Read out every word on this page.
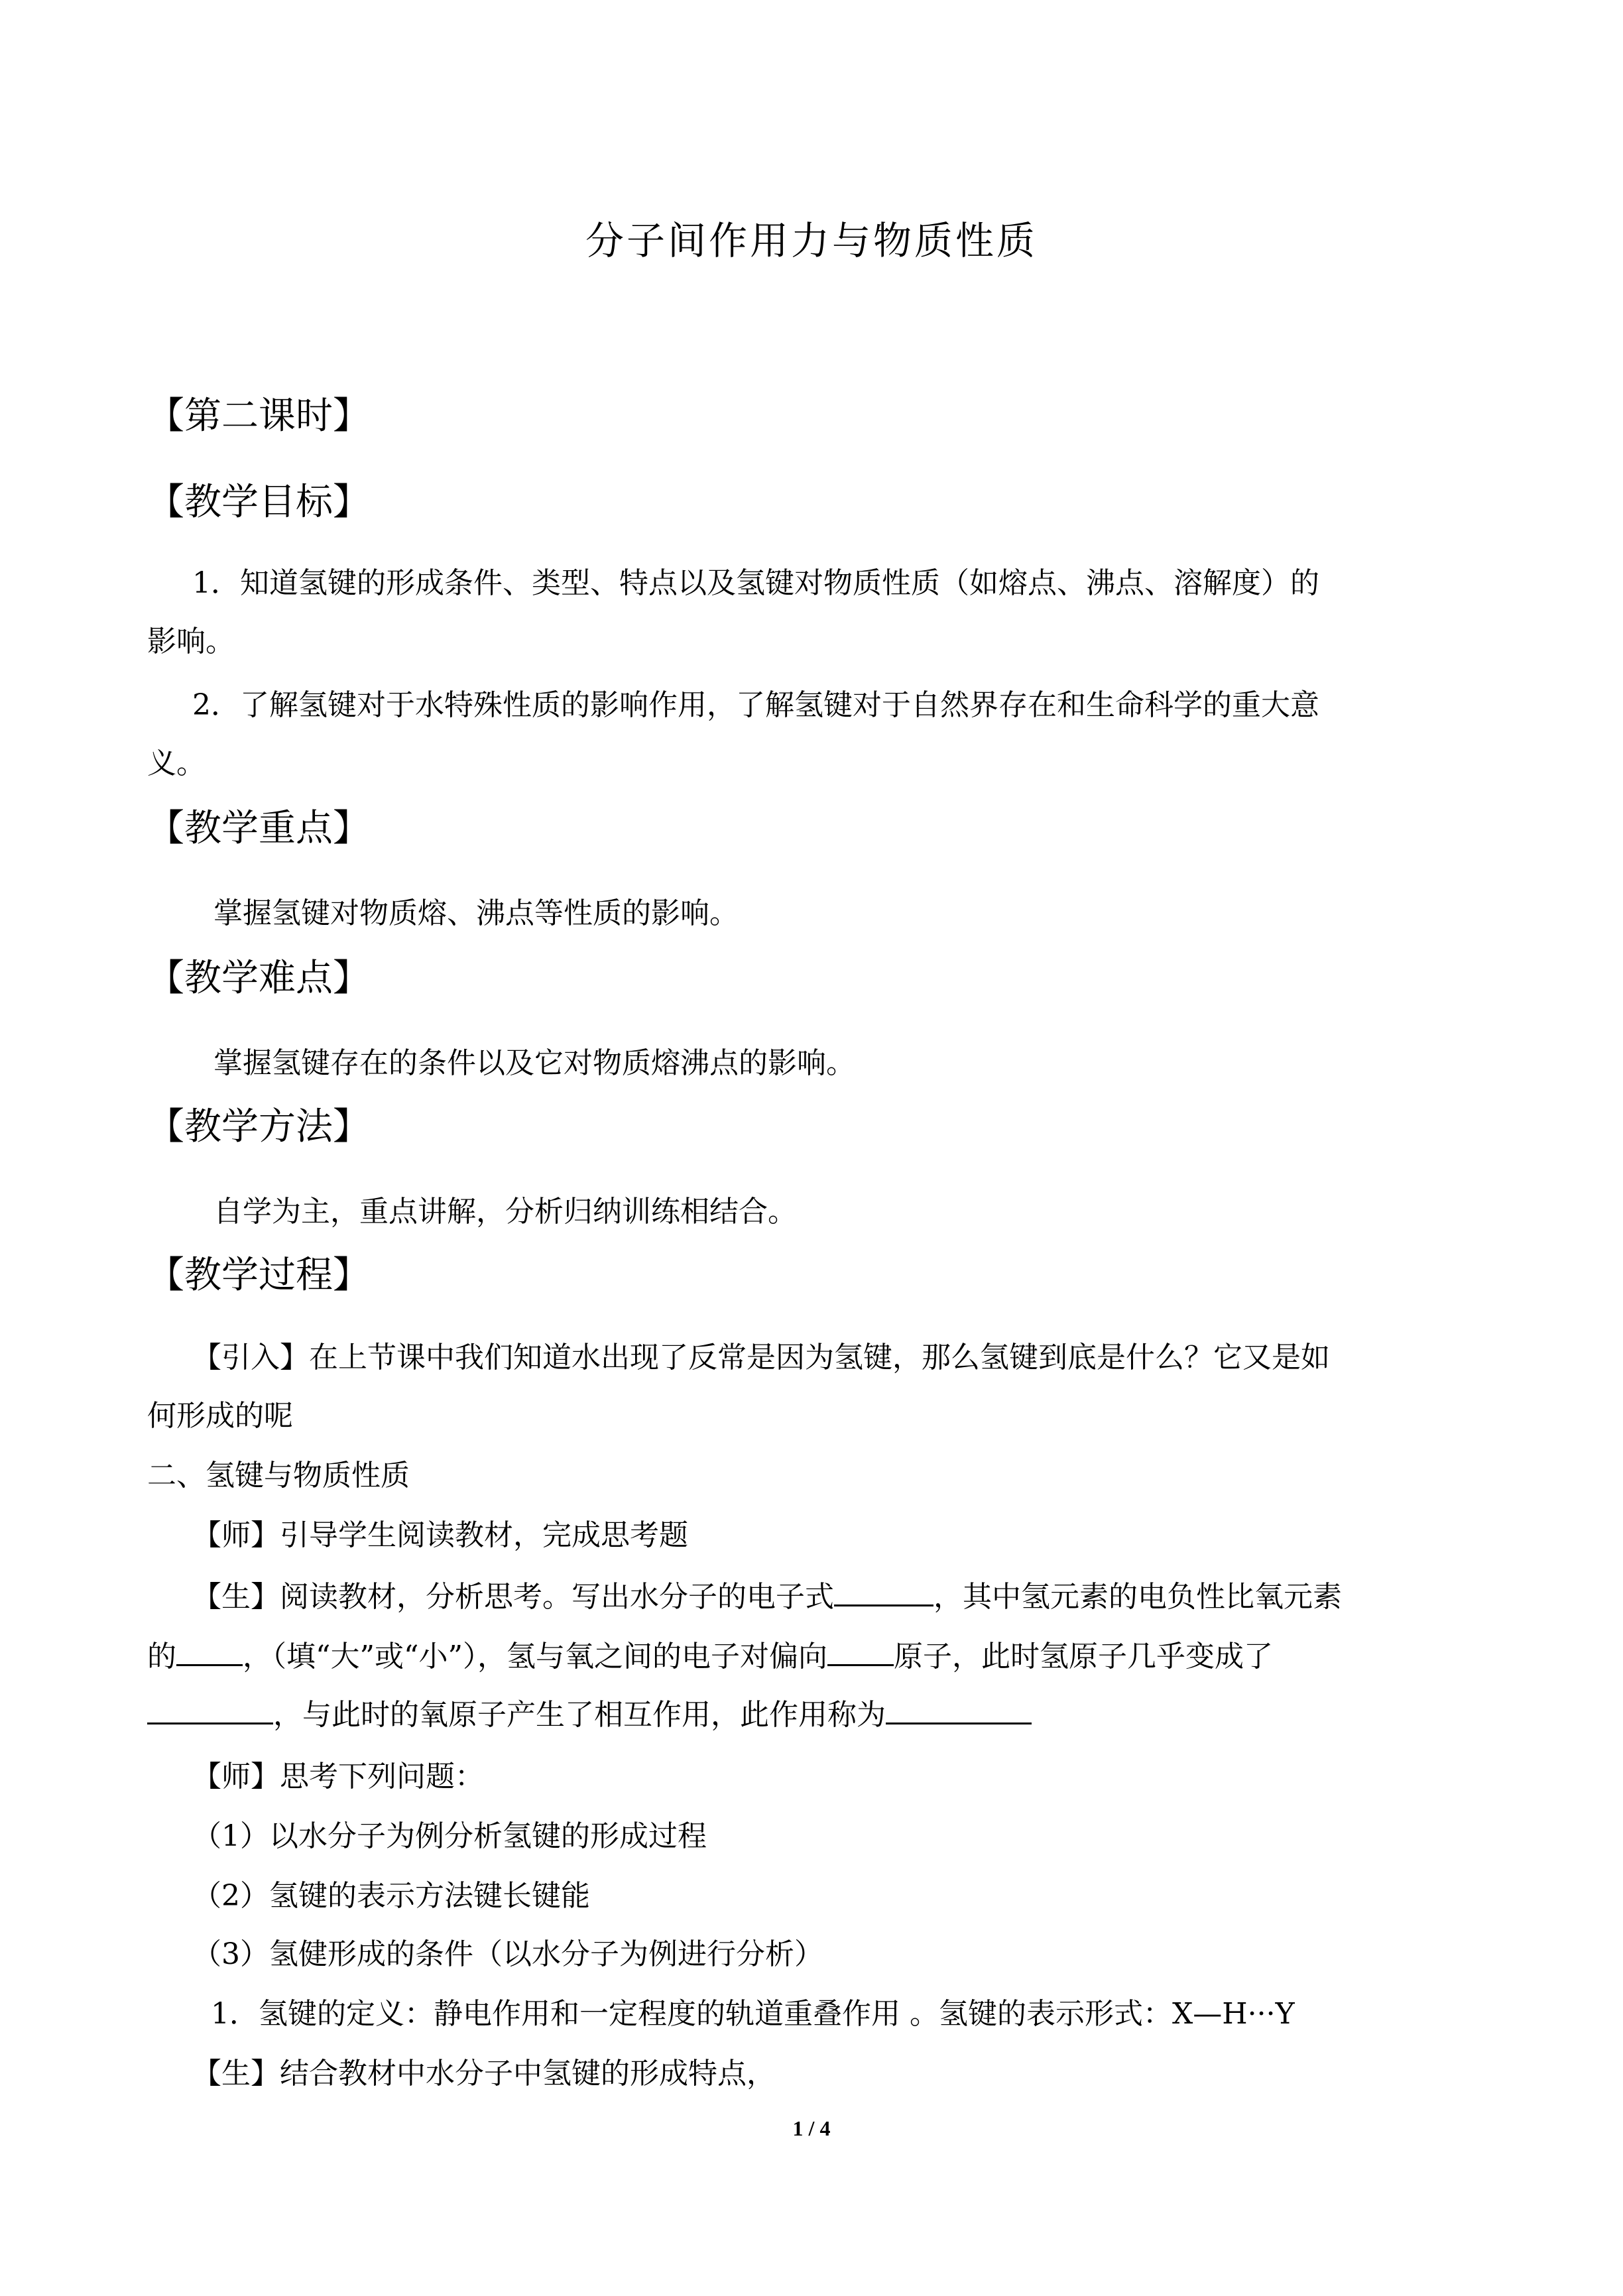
分子间作用力与物质性质
【第二课时】
【教学目标】
1．知道氢键的形成条件、类型、特点以及氢键对物质性质（如熔点、沸点、溶解度）的
影响。
2．了解氢键对于水特殊性质的影响作用，了解氢键对于自然界存在和生命科学的重大意
义。
【教学重点】
掌握氢键对物质熔、沸点等性质的影响。
【教学难点】
掌握氢键存在的条件以及它对物质熔沸点的影响。
【教学方法】
自学为主，重点讲解，分析归纳训练相结合。
【教学过程】
【引入】在上节课中我们知道水出现了反常是因为氢键，那么氢键到底是什么？它又是如
何形成的呢
二、氢键与物质性质
【师】引导学生阅读教材，完成思考题
【生】阅读教材，分析思考。写出水分子的电子式	，其中氢元素的电负性比氧元素
的 ，（填“大”或“小”），氢与氧之间的电子对偏向 原子，此时氢原子几乎变成了
，与此时的氧原子产生了相互作用，此作用称为
【师】思考下列问题：
（1）以水分子为例分析氢键的形成过程
（2）氢键的表示方法键长键能
（3）氢健形成的条件（以水分子为例进行分析）
1．氢键的定义：静电作用和一定程度的轨道重叠作用 。氢键的表示形式：X—H···Y
【生】结合教材中水分子中氢键的形成特点，
1 / 4
